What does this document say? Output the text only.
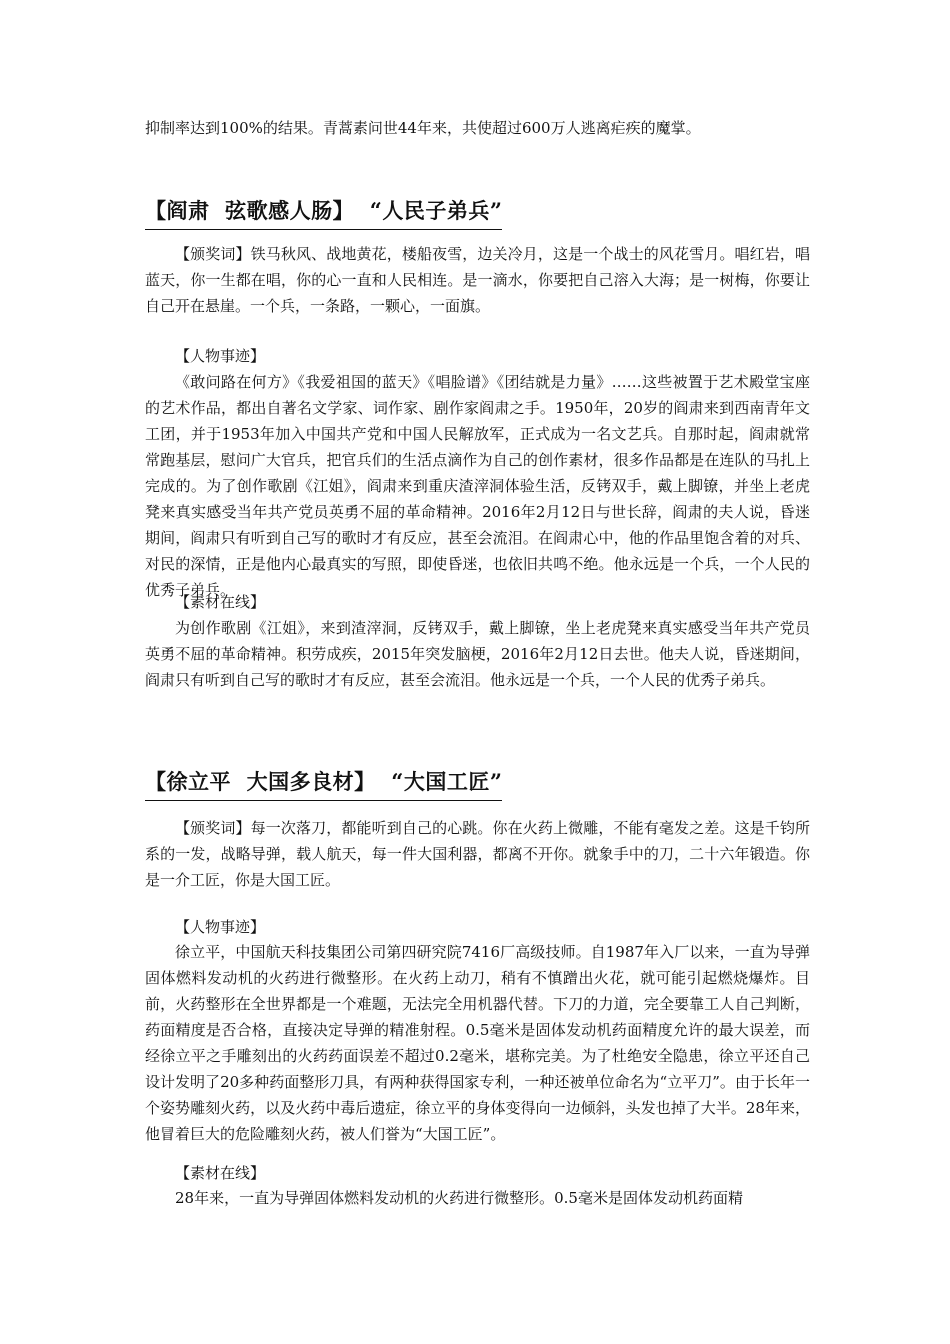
抑制率达到100%的结果。青蒿素问世44年来，共使超过600万人逃离疟疾的魔掌。

【阎肃  弦歌感人肠】  “人民子弟兵”

【颁奖词】铁马秋风、战地黄花，楼船夜雪，边关冷月，这是一个战士的风花雪月。唱红岩，唱蓝天，你一生都在唱，你的心一直和人民相连。是一滴水，你要把自己溶入大海；是一树梅，你要让自己开在悬崖。一个兵，一条路，一颗心，一面旗。

【人物事迹】

《敢问路在何方》《我爱祖国的蓝天》《唱脸谱》《团结就是力量》……这些被置于艺术殿堂宝座的艺术作品，都出自著名文学家、词作家、剧作家阎肃之手。1950年，20岁的阎肃来到西南青年文工团，并于1953年加入中国共产党和中国人民解放军，正式成为一名文艺兵。自那时起，阎肃就常常跑基层，慰问广大官兵，把官兵们的生活点滴作为自己的创作素材，很多作品都是在连队的马扎上完成的。为了创作歌剧《江姐》，阎肃来到重庆渣滓洞体验生活，反铐双手，戴上脚镣，并坐上老虎凳来真实感受当年共产党员英勇不屈的革命精神。2016年2月12日与世长辞，阎肃的夫人说，昏迷期间，阎肃只有听到自己写的歌时才有反应，甚至会流泪。在阎肃心中，他的作品里饱含着的对兵、对民的深情，正是他内心最真实的写照，即使昏迷，也依旧共鸣不绝。他永远是一个兵，一个人民的优秀子弟兵。

【素材在线】

为创作歌剧《江姐》，来到渣滓洞，反铐双手，戴上脚镣，坐上老虎凳来真实感受当年共产党员英勇不屈的革命精神。积劳成疾，2015年突发脑梗，2016年2月12日去世。他夫人说，昏迷期间，阎肃只有听到自己写的歌时才有反应，甚至会流泪。他永远是一个兵，一个人民的优秀子弟兵。

【徐立平  大国多良材】  “大国工匠”

【颁奖词】每一次落刀，都能听到自己的心跳。你在火药上微雕，不能有毫发之差。这是千钧所系的一发，战略导弹，载人航天，每一件大国利器，都离不开你。就象手中的刀，二十六年锻造。你是一介工匠，你是大国工匠。

【人物事迹】

徐立平，中国航天科技集团公司第四研究院7416厂高级技师。自1987年入厂以来，一直为导弹固体燃料发动机的火药进行微整形。在火药上动刀，稍有不慎蹭出火花，就可能引起燃烧爆炸。目前，火药整形在全世界都是一个难题，无法完全用机器代替。下刀的力道，完全要靠工人自己判断，药面精度是否合格，直接决定导弹的精准射程。0.5毫米是固体发动机药面精度允许的最大误差，而经徐立平之手雕刻出的火药药面误差不超过0.2毫米，堪称完美。为了杜绝安全隐患，徐立平还自己设计发明了20多种药面整形刀具，有两种获得国家专利，一种还被单位命名为“立平刀”。由于长年一个姿势雕刻火药，以及火药中毒后遗症，徐立平的身体变得向一边倾斜，头发也掉了大半。28年来，他冒着巨大的危险雕刻火药，被人们誉为“大国工匠”。

【素材在线】

28年来，一直为导弹固体燃料发动机的火药进行微整形。0.5毫米是固体发动机药面精
